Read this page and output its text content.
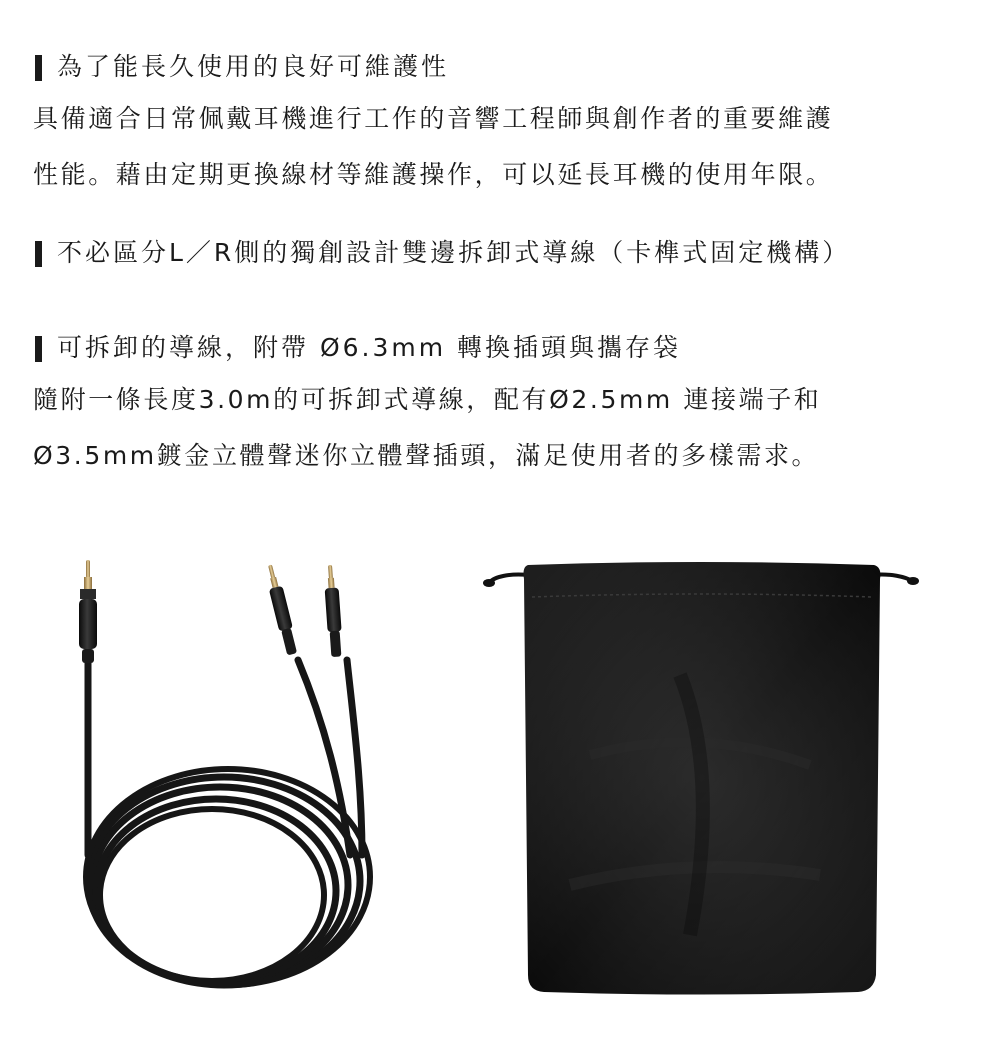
為了能長久使用的良好可維護性
具備適合日常佩戴耳機進行工作的音響工程師與創作者的重要維護
性能。藉由定期更換線材等維護操作，可以延長耳機的使用年限。
不必區分L／R側的獨創設計雙邊拆卸式導線（卡榫式固定機構）
可拆卸的導線，附帶 Ø6.3mm 轉換插頭與攜存袋
隨附一條長度3.0m的可拆卸式導線，配有Ø2.5mm 連接端子和
Ø3.5mm鍍金立體聲迷你立體聲插頭，滿足使用者的多樣需求。
